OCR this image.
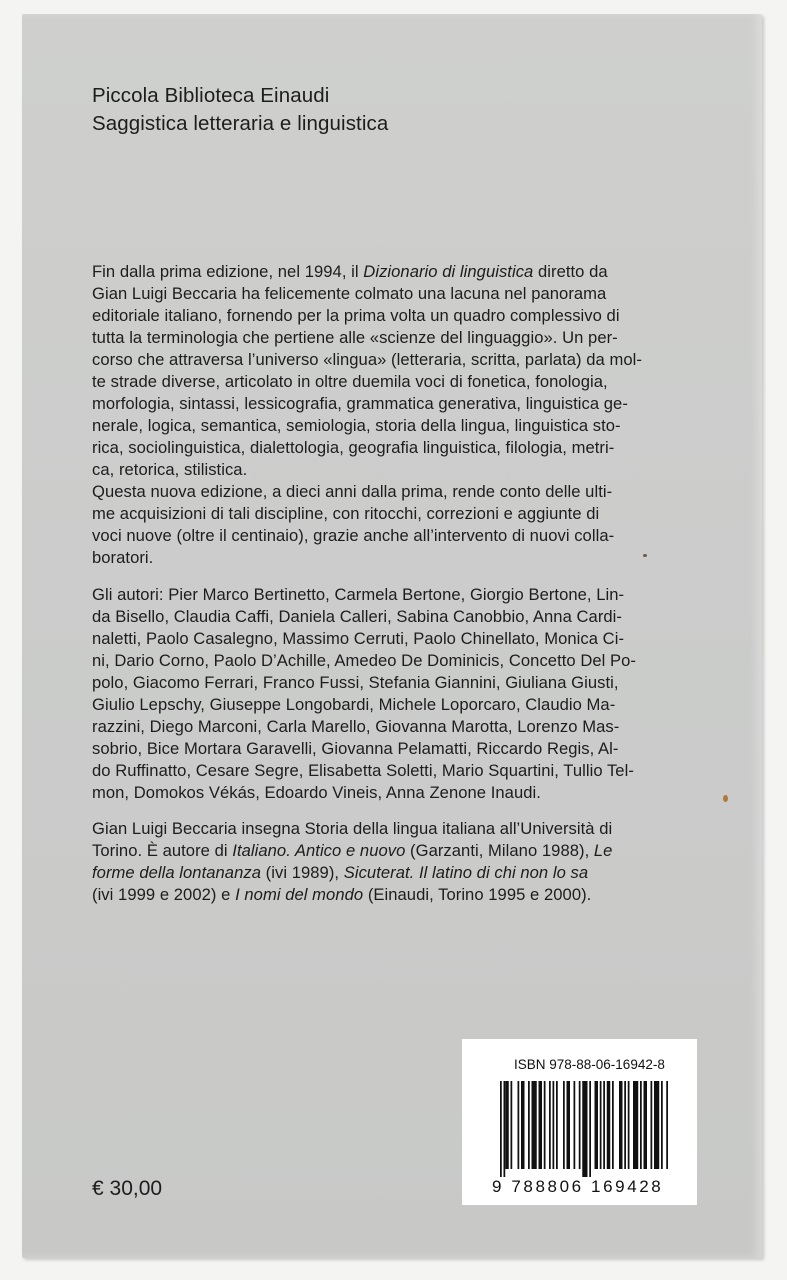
Piccola Biblioteca Einaudi

Saggistica letteraria e linguistica

Fin dalla prima edizione, nel 1994, il Dizionario di linguistica diretto da
Gian Luigi Beccaria ha felicemente colmato una lacuna nel panorama
editoriale italiano, fornendo per la prima volta un quadro complessivo di
tutta la terminologia che pertiene alle «scienze del linguaggio». Un per-
corso che attraversa l’universo «lingua» (letteraria, scritta, parlata) da mol-
te strade diverse, articolato in oltre duemila voci di fonetica, fonologia,
morfologia, sintassi, lessicografia, grammatica generativa, linguistica ge-
nerale, logica, semantica, semiologia, storia della lingua, linguistica sto-
rica, sociolinguistica, dialettologia, geografia linguistica, filologia, metri-
ca, retorica, stilistica.
Questa nuova edizione, a dieci anni dalla prima, rende conto delle ulti-
me acquisizioni di tali discipline, con ritocchi, correzioni e aggiunte di
voci nuove (oltre il centinaio), grazie anche all’intervento di nuovi colla-
boratori.
Gli autori: Pier Marco Bertinetto, Carmela Bertone, Giorgio Bertone, Lin-
da Bisello, Claudia Caffi, Daniela Calleri, Sabina Canobbio, Anna Cardi-
naletti, Paolo Casalegno, Massimo Cerruti, Paolo Chinellato, Monica Ci-
ni, Dario Corno, Paolo D’Achille, Amedeo De Dominicis, Concetto Del Po-
polo, Giacomo Ferrari, Franco Fussi, Stefania Giannini, Giuliana Giusti,
Giulio Lepschy, Giuseppe Longobardi, Michele Loporcaro, Claudio Ma-
razzini, Diego Marconi, Carla Marello, Giovanna Marotta, Lorenzo Mas-
sobrio, Bice Mortara Garavelli, Giovanna Pelamatti, Riccardo Regis, Al-
do Ruffinatto, Cesare Segre, Elisabetta Soletti, Mario Squartini, Tullio Tel-
mon, Domokos Vékás, Edoardo Vineis, Anna Zenone Inaudi.
Gian Luigi Beccaria insegna Storia della lingua italiana all’Università di
Torino. È autore di Italiano. Antico e nuovo (Garzanti, Milano 1988), Le
forme della lontananza (ivi 1989), Sicuterat. Il latino di chi non lo sa
(ivi 1999 e 2002) e I nomi del mondo (Einaudi, Torino 1995 e 2000).

€ 30,00

ISBN 978-88-06-16942-8
9 788806 169428
